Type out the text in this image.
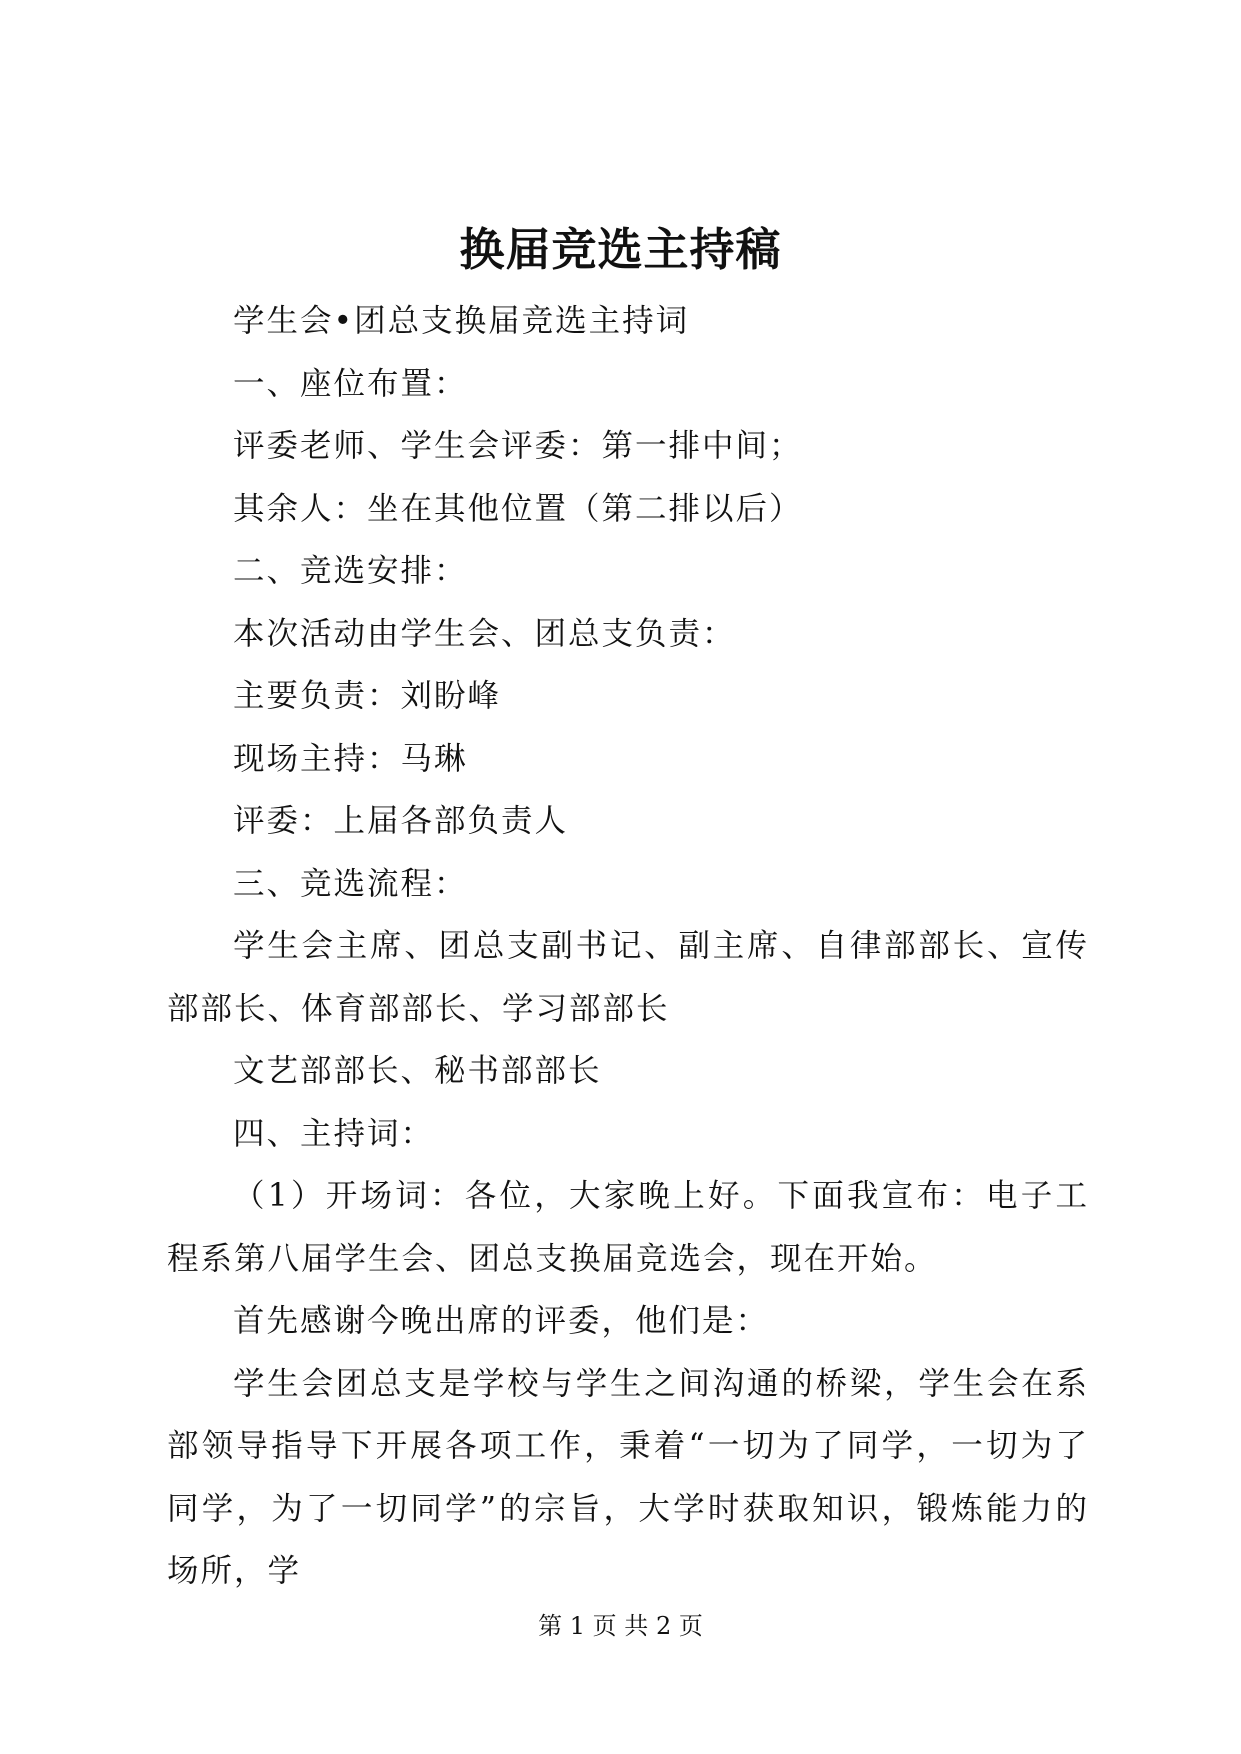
换届竞选主持稿

学生会•团总支换届竞选主持词

一、座位布置：

评委老师、学生会评委：第一排中间；

其余人：坐在其他位置（第二排以后）

二、竞选安排：

本次活动由学生会、团总支负责：

主要负责：刘盼峰

现场主持：马琳

评委：上届各部负责人

三、竞选流程：

学生会主席、团总支副书记、副主席、自律部部长、宣传部部长、体育部部长、学习部部长

文艺部部长、秘书部部长

四、主持词：

（1）开场词：各位，大家晚上好。下面我宣布：电子工程系第八届学生会、团总支换届竞选会，现在开始。

首先感谢今晚出席的评委，他们是：

学生会团总支是学校与学生之间沟通的桥梁，学生会在系部领导指导下开展各项工作，秉着“一切为了同学，一切为了同学，为了一切同学”的宗旨，大学时获取知识，锻炼能力的场所，学

第 1 页 共 2 页
